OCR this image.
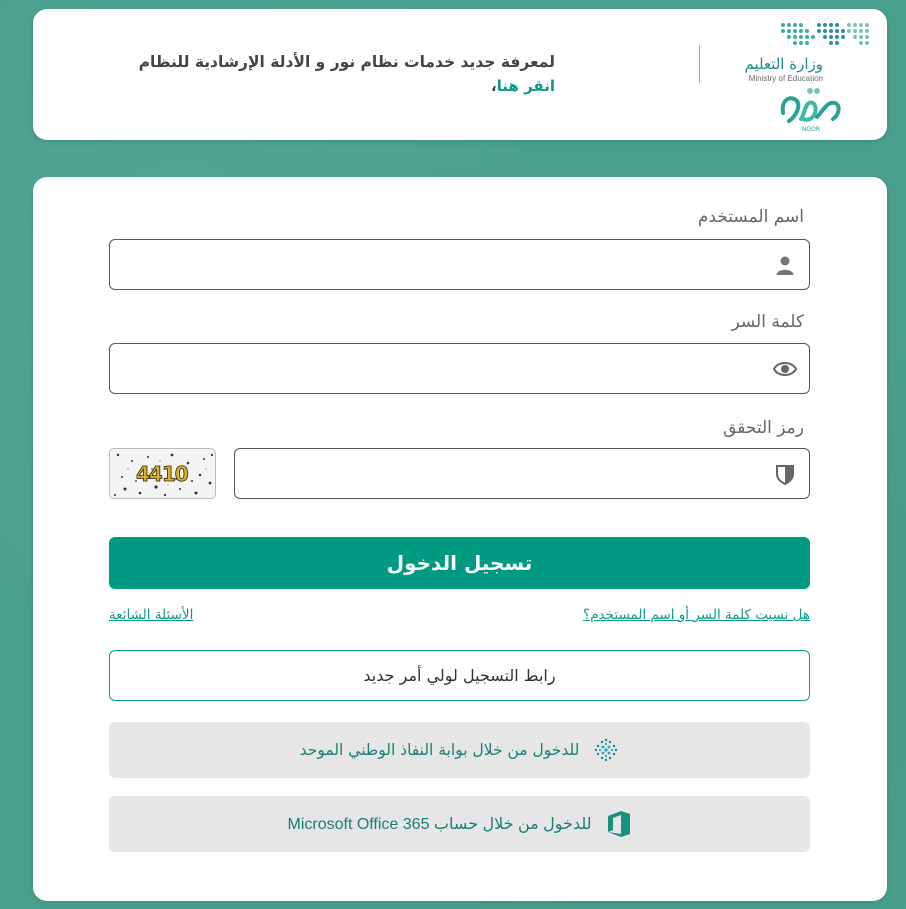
لمعرفة جديد خدمات نظام نور و الأدلة الإرشادية للنظام
انقر هنا،
وزارة التعليم
Ministry of Education
NOOR
اسم المستخدم
كلمة السر
رمز التحقق
4410
تسجيل الدخول
هل نسيت كلمة السر أو اسم المستخدم؟
الأسئلة الشائعة
رابط التسجيل لولي أمر جديد
للدخول من خلال بوابة النفاذ الوطني الموحد
للدخول من خلال حساب Microsoft Office 365
